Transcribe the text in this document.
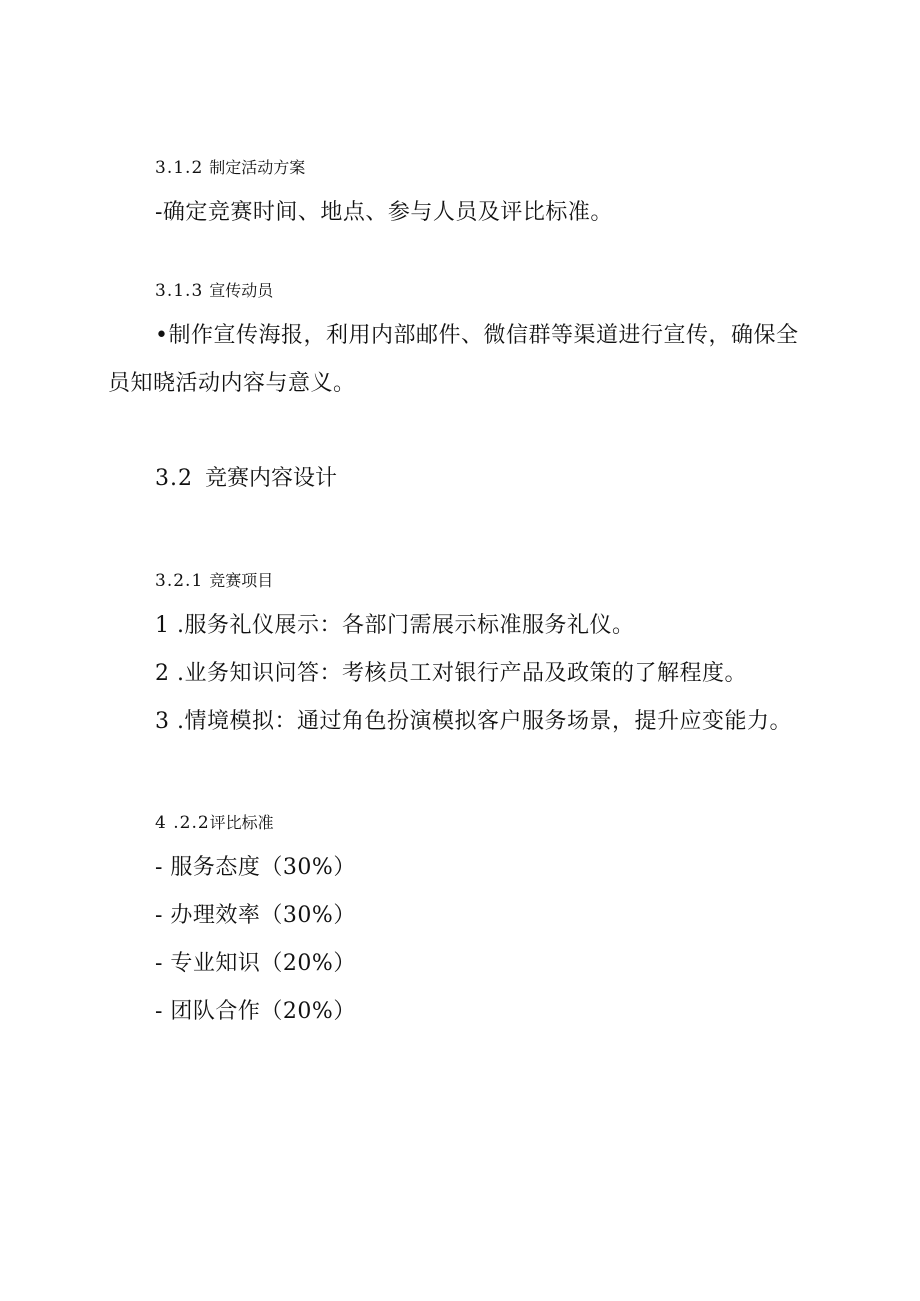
3.1.2 制定活动方案
-确定竞赛时间、地点、参与人员及评比标准。
3.1.3 宣传动员
•制作宣传海报，利用内部邮件、微信群等渠道进行宣传，确保全
员知晓活动内容与意义。
3.2 竞赛内容设计
3.2.1 竞赛项目
1 .服务礼仪展示：各部门需展示标准服务礼仪。
2 .业务知识问答：考核员工对银行产品及政策的了解程度。
3 .情境模拟：通过角色扮演模拟客户服务场景，提升应变能力。
4 .2.2评比标准
- 服务态度（30%）
- 办理效率（30%）
- 专业知识（20%）
- 团队合作（20%）
